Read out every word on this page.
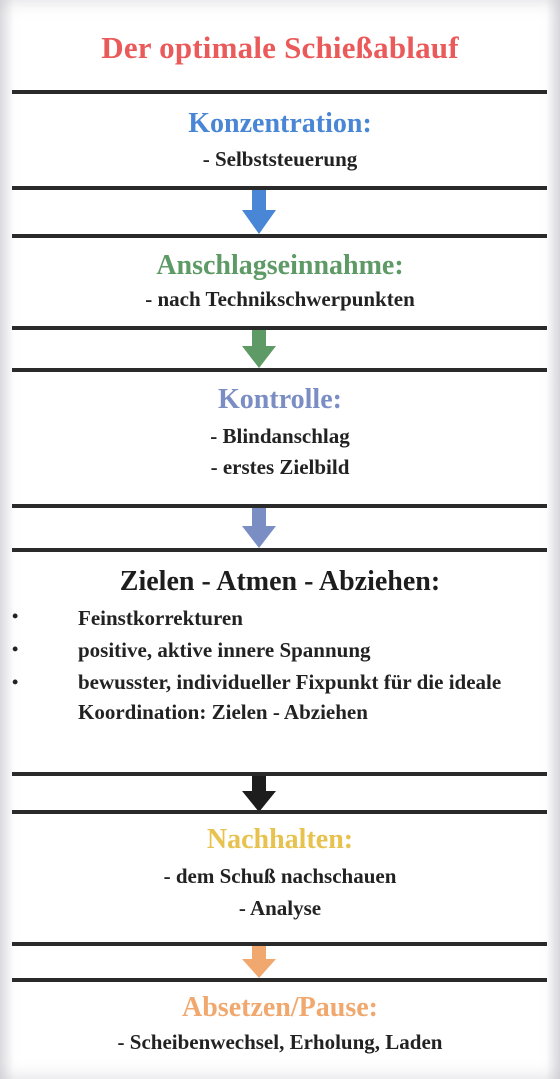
Der optimale Schießablauf
Konzentration:
- Selbststeuerung
Anschlagseinnahme:
- nach Technikschwerpunkten
Kontrolle:
- Blindanschlag
- erstes Zielbild
Zielen - Atmen - Abziehen:
•	Feinstkorrekturen
•	positive, aktive innere Spannung
•	bewusster, individueller Fixpunkt für die ideale Koordination: Zielen - Abziehen
Nachhalten:
- dem Schuß nachschauen
- Analyse
Absetzen/Pause:
- Scheibenwechsel, Erholung, Laden
